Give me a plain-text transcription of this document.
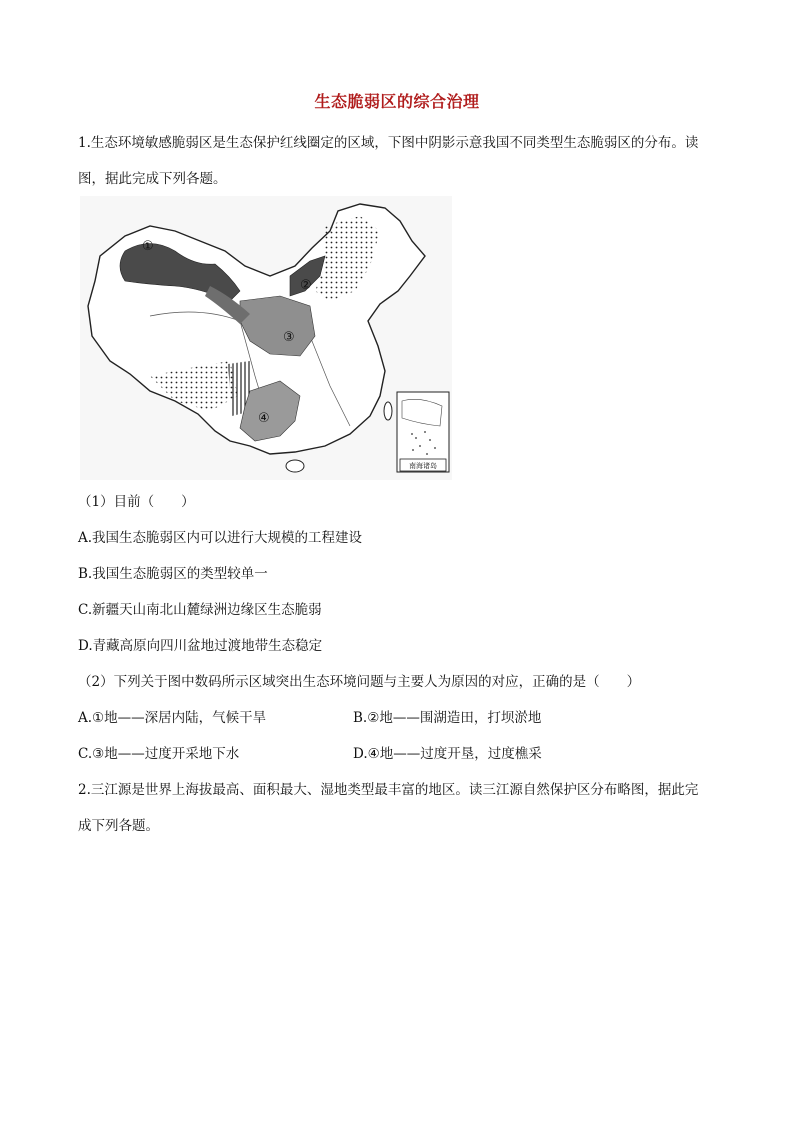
生态脆弱区的综合治理
1.生态环境敏感脆弱区是生态保护红线圈定的区域，下图中阴影示意我国不同类型生态脆弱区的分布。读
图，据此完成下列各题。
①
②
③
④
南海诸岛
（1）目前（　　）
A.我国生态脆弱区内可以进行大规模的工程建设
B.我国生态脆弱区的类型较单一
C.新疆天山南北山麓绿洲边缘区生态脆弱
D.青藏高原向四川盆地过渡地带生态稳定
（2）下列关于图中数码所示区域突出生态环境问题与主要人为原因的对应，正确的是（　　）
A.①地——深居内陆，气候干旱	B.②地——围湖造田，打坝淤地
C.③地——过度开采地下水	D.④地——过度开垦，过度樵采
2.三江源是世界上海拔最高、面积最大、湿地类型最丰富的地区。读三江源自然保护区分布略图，据此完
成下列各题。
